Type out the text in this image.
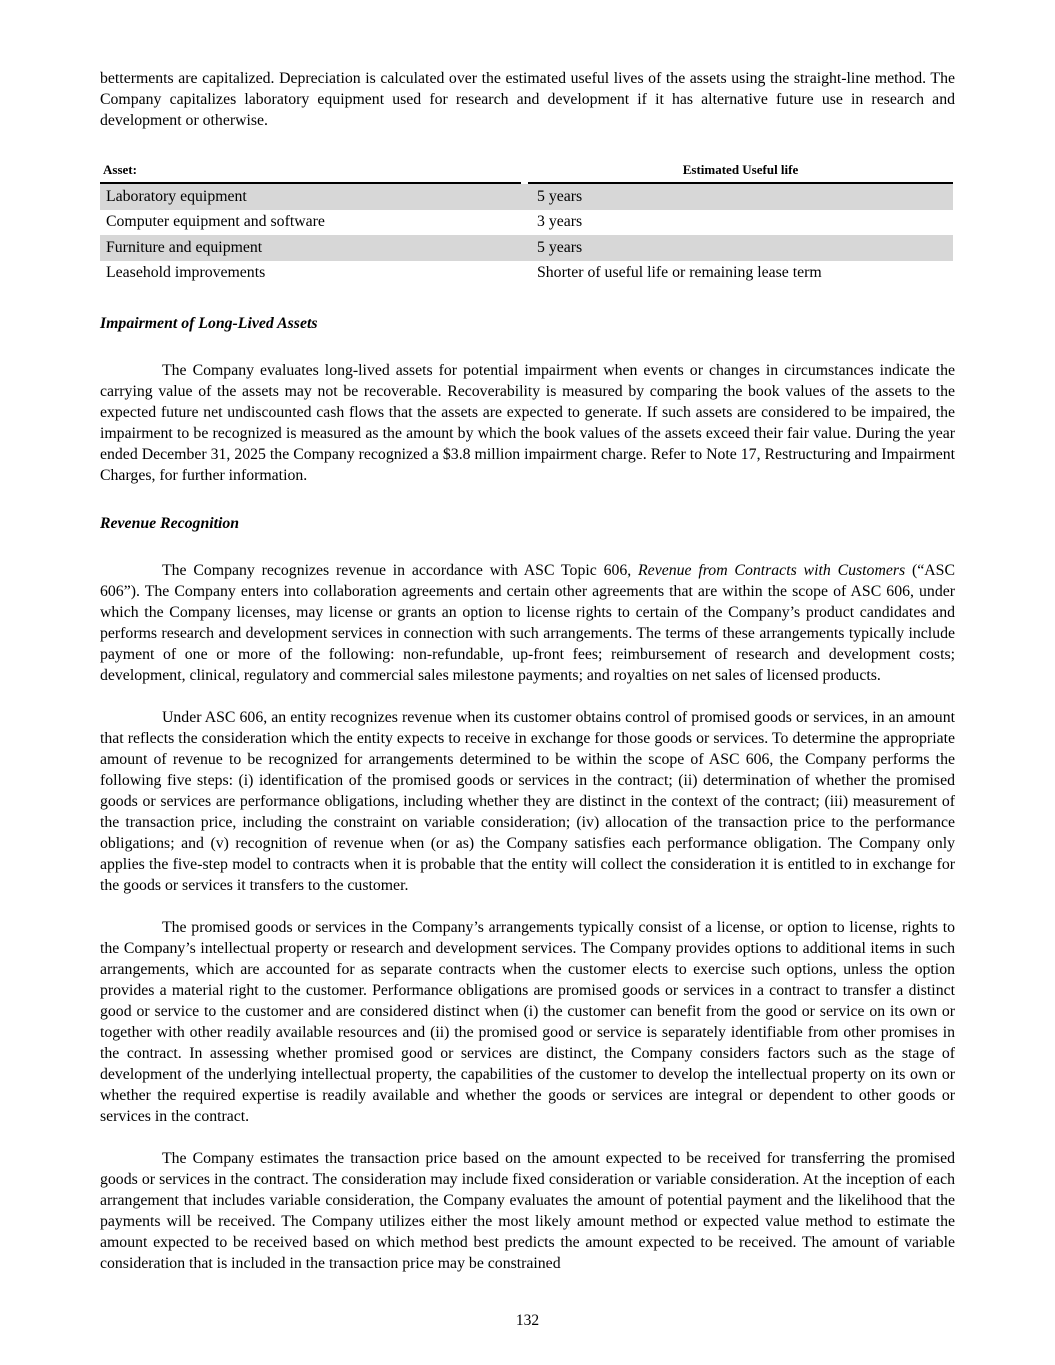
betterments are capitalized. Depreciation is calculated over the estimated useful lives of the assets using the straight-line method. The Company capitalizes laboratory equipment used for research and development if it has alternative future use in research and development or otherwise.

Asset:	Estimated Useful life
Laboratory equipment	5 years
Computer equipment and software	3 years
Furniture and equipment	5 years
Leasehold improvements	Shorter of useful life or remaining lease term
Impairment of Long-Lived Assets

The Company evaluates long-lived assets for potential impairment when events or changes in circumstances indicate the carrying value of the assets may not be recoverable. Recoverability is measured by comparing the book values of the assets to the expected future net undiscounted cash flows that the assets are expected to generate. If such assets are considered to be impaired, the impairment to be recognized is measured as the amount by which the book values of the assets exceed their fair value. During the year ended December 31, 2025 the Company recognized a $3.8 million impairment charge. Refer to Note 17, Restructuring and Impairment Charges, for further information.

Revenue Recognition

The Company recognizes revenue in accordance with ASC Topic 606, Revenue from Contracts with Customers (“ASC 606”). The Company enters into collaboration agreements and certain other agreements that are within the scope of ASC 606, under which the Company licenses, may license or grants an option to license rights to certain of the Company’s product candidates and performs research and development services in connection with such arrangements. The terms of these arrangements typically include payment of one or more of the following: non-refundable, up-front fees; reimbursement of research and development costs; development, clinical, regulatory and commercial sales milestone payments; and royalties on net sales of licensed products.

Under ASC 606, an entity recognizes revenue when its customer obtains control of promised goods or services, in an amount that reflects the consideration which the entity expects to receive in exchange for those goods or services. To determine the appropriate amount of revenue to be recognized for arrangements determined to be within the scope of ASC 606, the Company performs the following five steps: (i) identification of the promised goods or services in the contract; (ii) determination of whether the promised goods or services are performance obligations, including whether they are distinct in the context of the contract; (iii) measurement of the transaction price, including the constraint on variable consideration; (iv) allocation of the transaction price to the performance obligations; and (v) recognition of revenue when (or as) the Company satisfies each performance obligation. The Company only applies the five-step model to contracts when it is probable that the entity will collect the consideration it is entitled to in exchange for the goods or services it transfers to the customer.

The promised goods or services in the Company’s arrangements typically consist of a license, or option to license, rights to the Company’s intellectual property or research and development services. The Company provides options to additional items in such arrangements, which are accounted for as separate contracts when the customer elects to exercise such options, unless the option provides a material right to the customer. Performance obligations are promised goods or services in a contract to transfer a distinct good or service to the customer and are considered distinct when (i) the customer can benefit from the good or service on its own or together with other readily available resources and (ii) the promised good or service is separately identifiable from other promises in the contract. In assessing whether promised good or services are distinct, the Company considers factors such as the stage of development of the underlying intellectual property, the capabilities of the customer to develop the intellectual property on its own or whether the required expertise is readily available and whether the goods or services are integral or dependent to other goods or services in the contract.

The Company estimates the transaction price based on the amount expected to be received for transferring the promised goods or services in the contract. The consideration may include fixed consideration or variable consideration. At the inception of each arrangement that includes variable consideration, the Company evaluates the amount of potential payment and the likelihood that the payments will be received. The Company utilizes either the most likely amount method or expected value method to estimate the amount expected to be received based on which method best predicts the amount expected to be received. The amount of variable consideration that is included in the transaction price may be constrained

132
